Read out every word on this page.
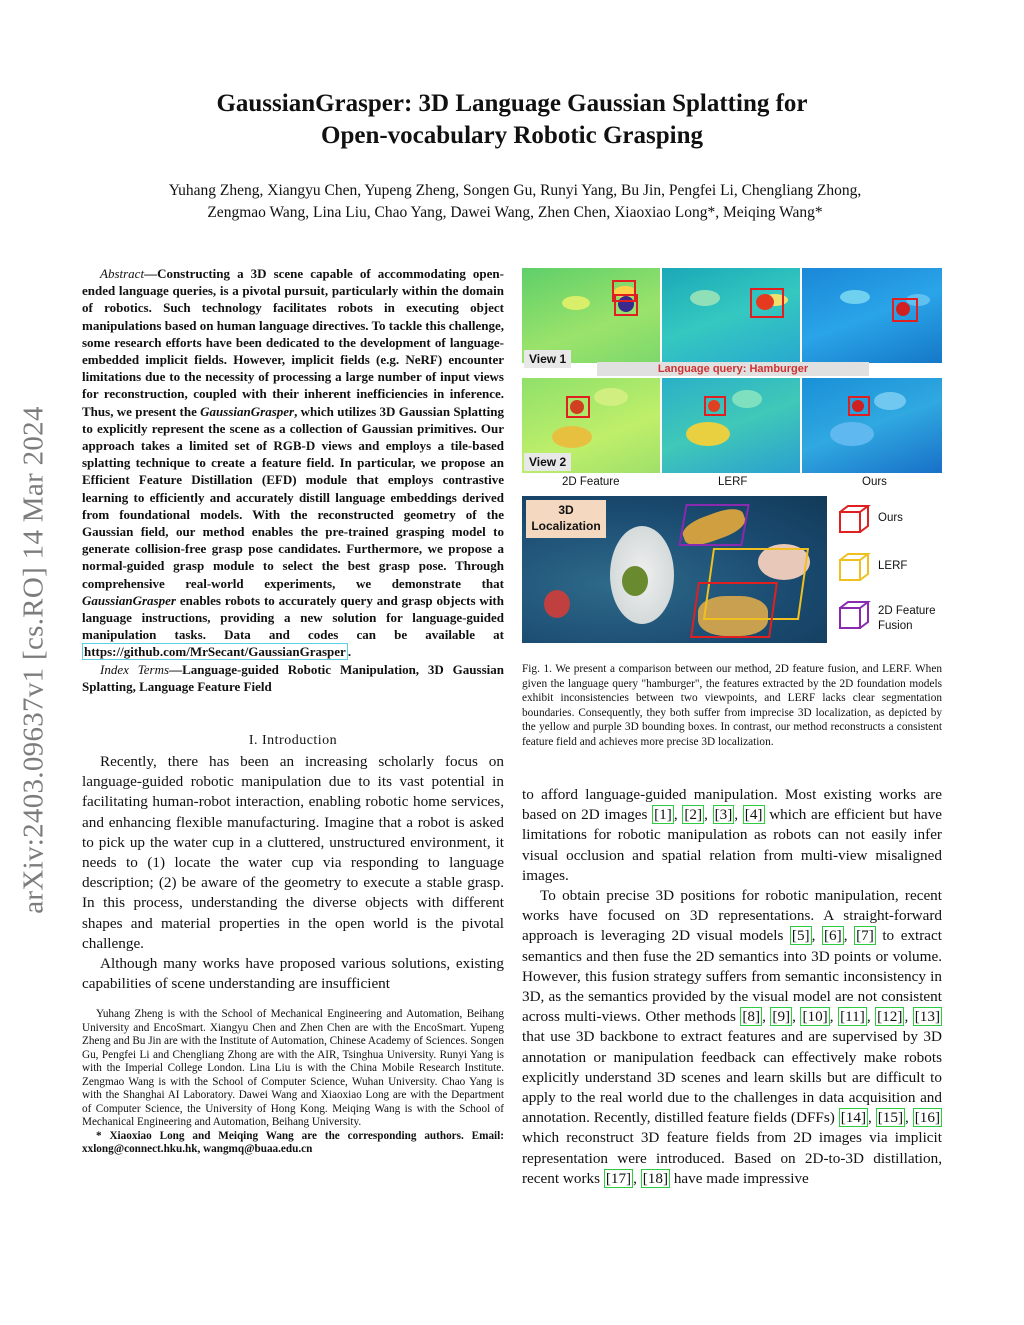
arXiv:2403.09637v1 [cs.RO] 14 Mar 2024
GaussianGrasper: 3D Language Gaussian Splatting for
Open-vocabulary Robotic Grasping
Yuhang Zheng, Xiangyu Chen, Yupeng Zheng, Songen Gu, Runyi Yang, Bu Jin, Pengfei Li, Chengliang Zhong,
Zengmao Wang, Lina Liu, Chao Yang, Dawei Wang, Zhen Chen, Xiaoxiao Long*, Meiqing Wang*
Abstract—Constructing a 3D scene capable of accommodating open-ended language queries, is a pivotal pursuit, particularly within the domain of robotics. Such technology facilitates robots in executing object manipulations based on human language directives. To tackle this challenge, some research efforts have been dedicated to the development of language-embedded implicit fields. However, implicit fields (e.g. NeRF) encounter limitations due to the necessity of processing a large number of input views for reconstruction, coupled with their inherent inefficiencies in inference. Thus, we present the GaussianGrasper, which utilizes 3D Gaussian Splatting to explicitly represent the scene as a collection of Gaussian primitives. Our approach takes a limited set of RGB-D views and employs a tile-based splatting technique to create a feature field. In particular, we propose an Efficient Feature Distillation (EFD) module that employs contrastive learning to efficiently and accurately distill language embeddings derived from foundational models. With the reconstructed geometry of the Gaussian field, our method enables the pre-trained grasping model to generate collision-free grasp pose candidates. Furthermore, we propose a normal-guided grasp module to select the best grasp pose. Through comprehensive real-world experiments, we demonstrate that GaussianGrasper enables robots to accurately query and grasp objects with language instructions, providing a new solution for language-guided manipulation tasks. Data and codes can be available at https://github.com/MrSecant/GaussianGrasper .
Index Terms—Language-guided Robotic Manipulation, 3D Gaussian Splatting, Language Feature Field
I. Introduction

Recently, there has been an increasing scholarly focus on language-guided robotic manipulation due to its vast potential in facilitating human-robot interaction, enabling robotic home services, and enhancing flexible manufacturing. Imagine that a robot is asked to pick up the water cup in a cluttered, unstructured environment, it needs to (1) locate the water cup via responding to language description; (2) be aware of the geometry to execute a stable grasp. In this process, understanding the diverse objects with different shapes and material properties in the open world is the pivotal challenge.

Although many works have proposed various solutions, existing capabilities of scene understanding are insufficient

Yuhang Zheng is with the School of Mechanical Engineering and Automation, Beihang University and EncoSmart. Xiangyu Chen and Zhen Chen are with the EncoSmart. Yupeng Zheng and Bu Jin are with the Institute of Automation, Chinese Academy of Sciences. Songen Gu, Pengfei Li and Chengliang Zhong are with the AIR, Tsinghua University. Runyi Yang is with the Imperial College London. Lina Liu is with the China Mobile Research Institute. Zengmao Wang is with the School of Computer Science, Wuhan University. Chao Yang is with the Shanghai AI Laboratory. Dawei Wang and Xiaoxiao Long are with the Department of Computer Science, the University of Hong Kong. Meiqing Wang is with the School of Mechanical Engineering and Automation, Beihang University.

* Xiaoxiao Long and Meiqing Wang are the corresponding authors. Email: xxlong@connect.hku.hk, wangmq@buaa.edu.cn

View 1
Language query: Hamburger
View 2
2D Feature	LERF	Ours
3D
Localization
Ours
LERF
2D Feature
Fusion
Fig. 1. We present a comparison between our method, 2D feature fusion, and LERF. When given the language query "hamburger", the features extracted by the 2D foundation models exhibit inconsistencies between two viewpoints, and LERF lacks clear segmentation boundaries. Consequently, they both suffer from imprecise 3D localization, as depicted by the yellow and purple 3D bounding boxes. In contrast, our method reconstructs a consistent feature field and achieves more precise 3D localization.

to afford language-guided manipulation. Most existing works are based on 2D images [1] , [2] , [3] , [4] which are efficient but have limitations for robotic manipulation as robots can not easily infer visual occlusion and spatial relation from multi-view misaligned images.

To obtain precise 3D positions for robotic manipulation, recent works have focused on 3D representations. A straight-forward approach is leveraging 2D visual models [5] , [6] , [7] to extract semantics and then fuse the 2D semantics into 3D points or volume. However, this fusion strategy suffers from semantic inconsistency in 3D, as the semantics provided by the visual model are not consistent across multi-views. Other methods [8] , [9] , [10] , [11] , [12] , [13] that use 3D backbone to extract features and are supervised by 3D annotation or manipulation feedback can effectively make robots explicitly understand 3D scenes and learn skills but are difficult to apply to the real world due to the challenges in data acquisition and annotation. Recently, distilled feature fields (DFFs) [14] , [15] , [16] which reconstruct 3D feature fields from 2D images via implicit representation were introduced. Based on 2D-to-3D distillation, recent works [17] , [18] have made impressive
